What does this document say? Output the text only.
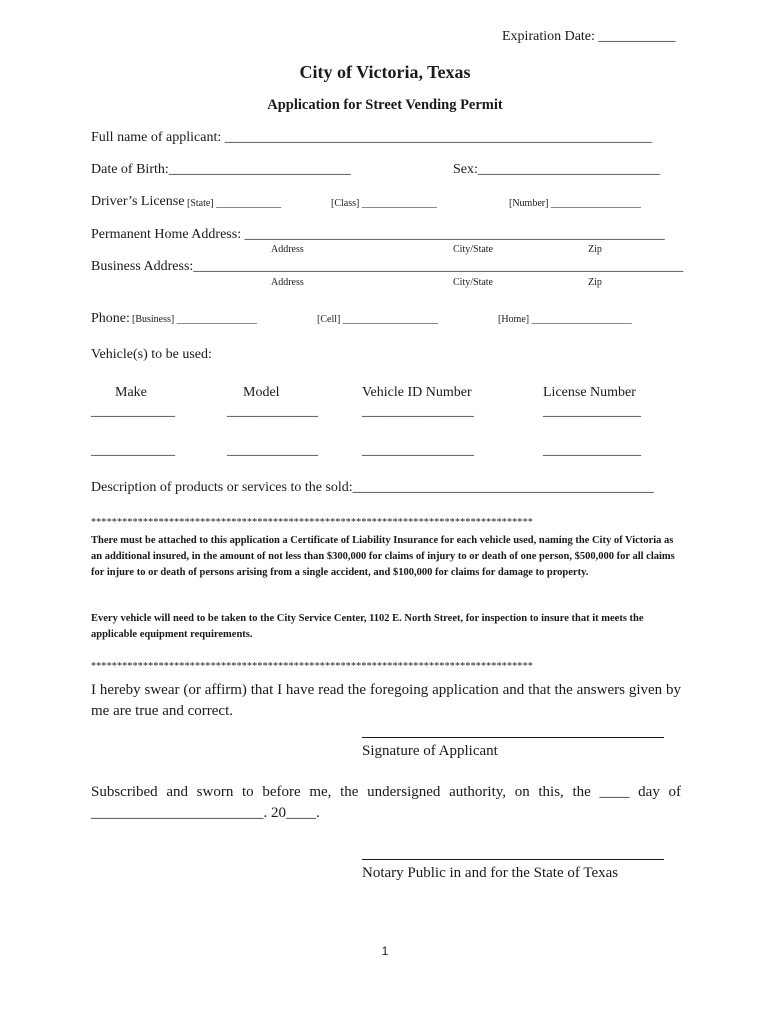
Expiration Date: ___________
City of Victoria, Texas
Application for Street Vending Permit
Full name of applicant: _____________________________________________________________
Date of Birth:__________________________	Sex:__________________________
Driver’s License [State] _____________	[Class] _______________	[Number] __________________
Permanent Home Address: ____________________________________________________________
Address	City/State	Zip
Business Address:______________________________________________________________________
Address	City/State	Zip
Phone: [Business] ________________	[Cell] ___________________	[Home] ____________________
Vehicle(s) to be used:
Make	Model	Vehicle ID Number	License Number
____________	_____________	________________	______________
____________	_____________	________________	______________
Description of products or services to the sold:___________________________________________
*************************************************************************************
There must be attached to this application a Certificate of Liability Insurance for each vehicle used, naming the City of Victoria as an additional insured, in the amount of not less than $300,000 for claims of injury to or death of one person, $500,000 for all claims for injure to or death of persons arising from a single accident, and $100,000 for claims for damage to property.
Every vehicle will need to be taken to the City Service Center, 1102 E. North Street, for inspection to insure that it meets the applicable equipment requirements.
*************************************************************************************
I hereby swear (or affirm) that I have read the foregoing application and that the answers given by me are true and correct.
Signature of Applicant
Subscribed and sworn to before me, the undersigned authority, on this, the ____ day of _______________________. 20____.
Notary Public in and for the State of Texas
1
